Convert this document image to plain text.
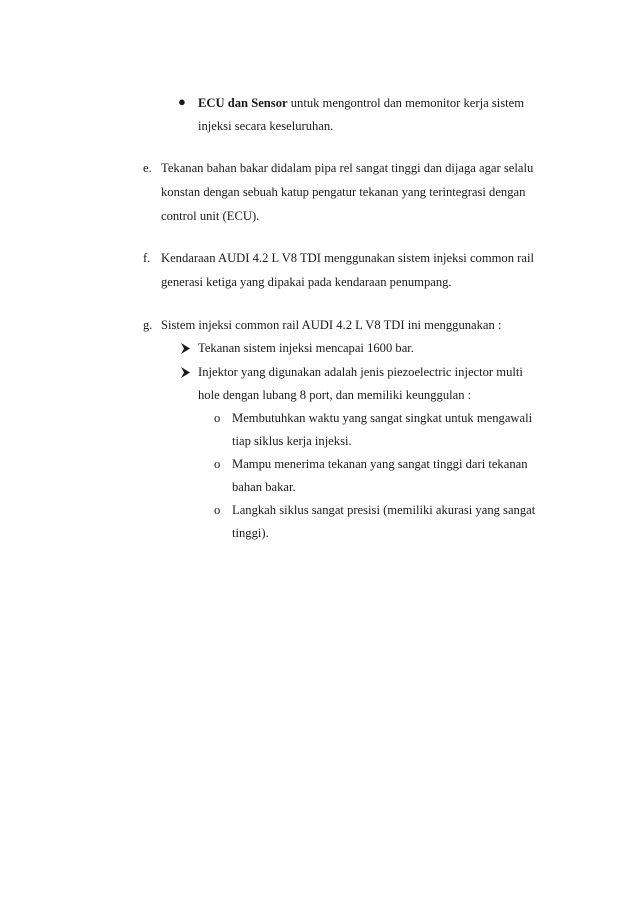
● ECU dan Sensor untuk mengontrol dan memonitor kerja sistem
injeksi secara keseluruhan.
e. Tekanan bahan bakar didalam pipa rel sangat tinggi dan dijaga agar selalu
konstan dengan sebuah katup pengatur tekanan yang terintegrasi dengan
control unit (ECU).
f. Kendaraan AUDI 4.2 L V8 TDI menggunakan sistem injeksi common rail
generasi ketiga yang dipakai pada kendaraan penumpang.
g. Sistem injeksi common rail AUDI 4.2 L V8 TDI ini menggunakan :
Tekanan sistem injeksi mencapai 1600 bar.
Injektor yang digunakan adalah jenis piezoelectric injector multi
hole dengan lubang 8 port, dan memiliki keunggulan :
o Membutuhkan waktu yang sangat singkat untuk mengawali
tiap siklus kerja injeksi.
o Mampu menerima tekanan yang sangat tinggi dari tekanan
bahan bakar.
o Langkah siklus sangat presisi (memiliki akurasi yang sangat
tinggi).
